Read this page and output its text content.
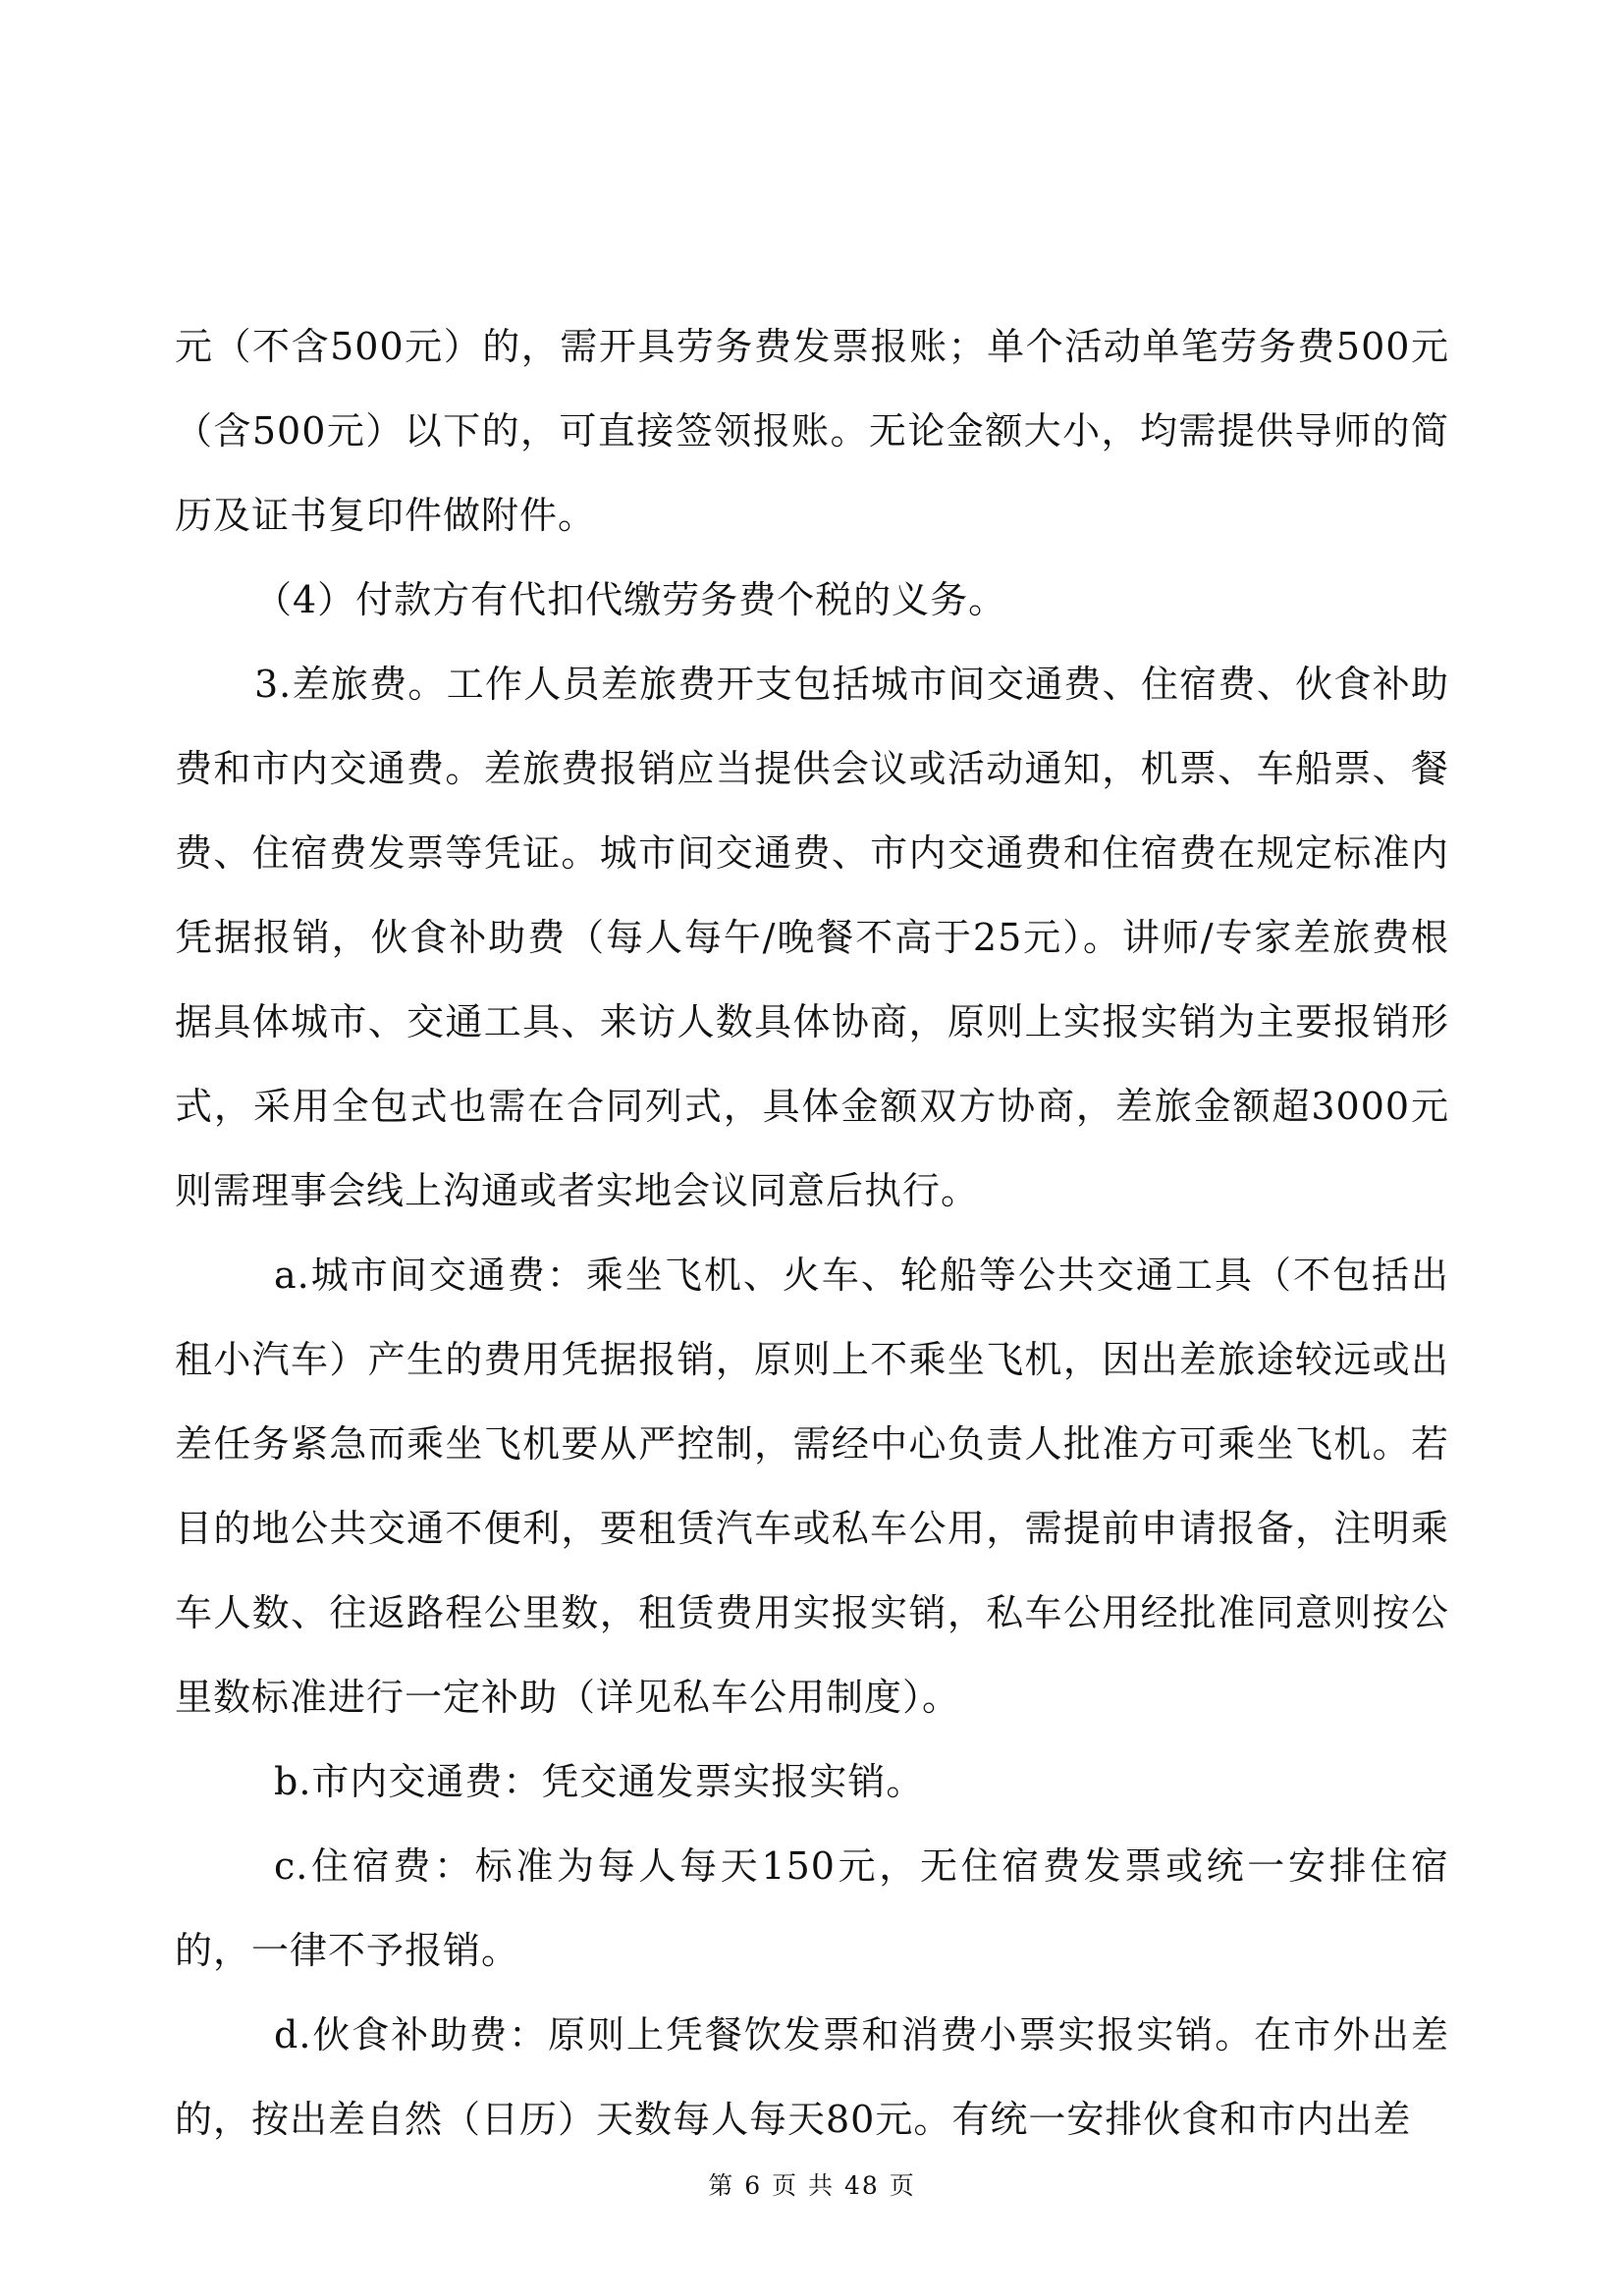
元（不含500元）的，需开具劳务费发票报账；单个活动单笔劳务费500元（含500元）以下的，可直接签领报账。无论金额大小，均需提供导师的简历及证书复印件做附件。

（4）付款方有代扣代缴劳务费个税的义务。

3.差旅费。工作人员差旅费开支包括城市间交通费、住宿费、伙食补助费和市内交通费。差旅费报销应当提供会议或活动通知，机票、车船票、餐费、住宿费发票等凭证。城市间交通费、市内交通费和住宿费在规定标准内凭据报销，伙食补助费（每人每午/晚餐不高于25元）。讲师/专家差旅费根据具体城市、交通工具、来访人数具体协商，原则上实报实销为主要报销形式，采用全包式也需在合同列式，具体金额双方协商，差旅金额超3000元则需理事会线上沟通或者实地会议同意后执行。

a.城市间交通费：乘坐飞机、火车、轮船等公共交通工具（不包括出租小汽车）产生的费用凭据报销，原则上不乘坐飞机，因出差旅途较远或出差任务紧急而乘坐飞机要从严控制，需经中心负责人批准方可乘坐飞机。若目的地公共交通不便利，要租赁汽车或私车公用，需提前申请报备，注明乘车人数、往返路程公里数，租赁费用实报实销，私车公用经批准同意则按公里数标准进行一定补助（详见私车公用制度）。

b.市内交通费：凭交通发票实报实销。

c.住宿费：标准为每人每天150元，无住宿费发票或统一安排住宿的，一律不予报销。

d.伙食补助费：原则上凭餐饮发票和消费小票实报实销。在市外出差的，按出差自然（日历）天数每人每天80元。有统一安排伙食和市内出差

第 6 页 共 48 页
